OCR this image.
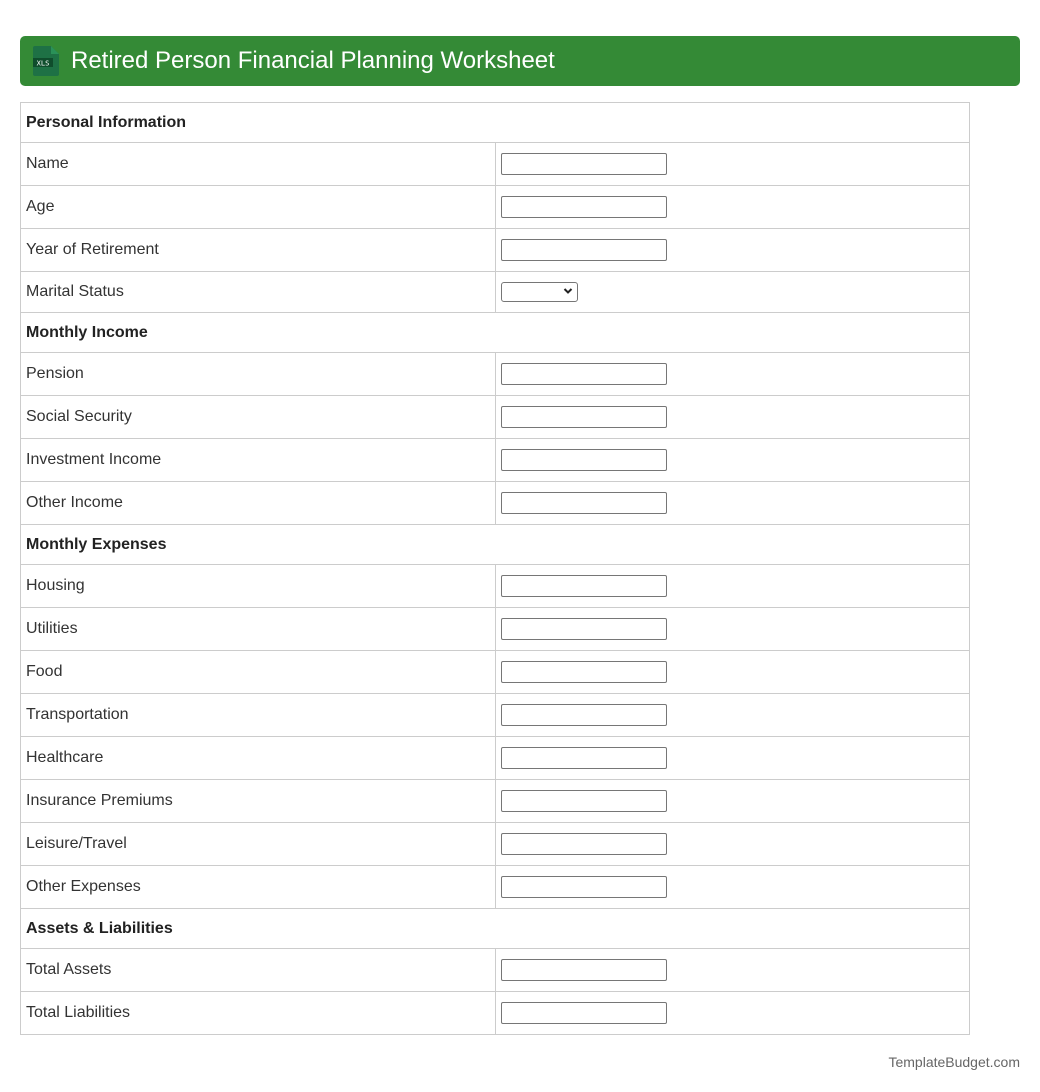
XLS Retired Person Financial Planning Worksheet
Personal Information	
Name	

Age	

Year of Retirement	

Marital Status	

Monthly Income	
Pension	

Social Security	

Investment Income	

Other Income	

Monthly Expenses	
Housing	

Utilities	

Food	

Transportation	

Healthcare	

Insurance Premiums	

Leisure/Travel	

Other Expenses	

Assets & Liabilities	
Total Assets	

Total Liabilities	
TemplateBudget.com
